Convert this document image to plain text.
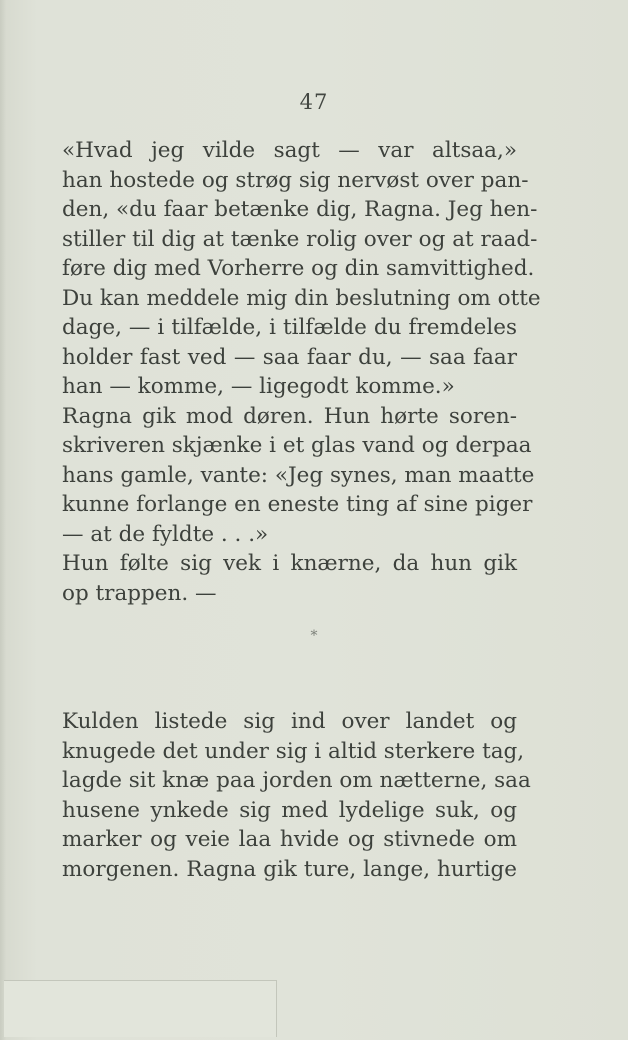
47
«Hvad jeg vilde sagt — var altsaa,»
han hostede og strøg sig nervøst over pan-
den, «du faar betænke dig, Ragna. Jeg hen-
stiller til dig at tænke rolig over og at raad-
føre dig med Vorherre og din samvittighed.
Du kan meddele mig din beslutning om otte
dage, — i tilfælde, i tilfælde du fremdeles
holder fast ved — saa faar du, — saa faar
han — komme, — ligegodt komme.»
Ragna gik mod døren. Hun hørte soren-
skriveren skjænke i et glas vand og derpaa
hans gamle, vante: «Jeg synes, man maatte
kunne forlange en eneste ting af sine piger
— at de fyldte . . .»
Hun følte sig vek i knærne, da hun gik
op trappen. —
*
Kulden listede sig ind over landet og
knugede det under sig i altid sterkere tag,
lagde sit knæ paa jorden om nætterne, saa
husene ynkede sig med lydelige suk, og
marker og veie laa hvide og stivnede om
morgenen. Ragna gik ture, lange, hurtige
